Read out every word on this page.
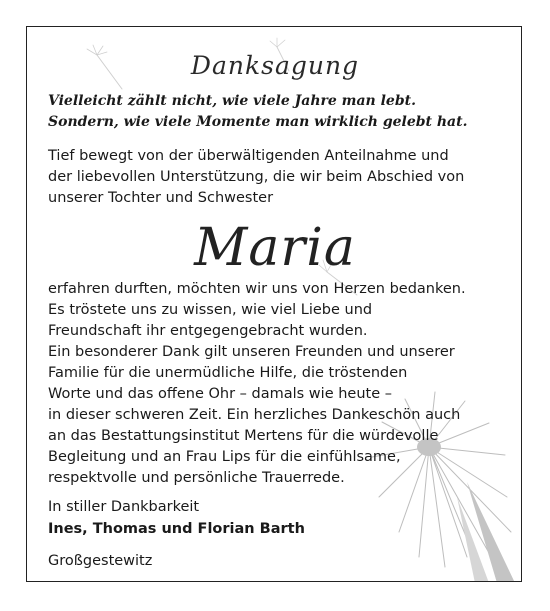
Danksagung
Vielleicht zählt nicht, wie viele Jahre man lebt.
Sondern, wie viele Momente man wirklich gelebt hat.
Tief bewegt von der überwältigenden Anteilnahme und
der liebevollen Unterstützung, die wir beim Abschied von
unserer Tochter und Schwester
Maria
erfahren durften, möchten wir uns von Herzen bedanken.
Es tröstete uns zu wissen, wie viel Liebe und
Freundschaft ihr entgegengebracht wurden.
Ein besonderer Dank gilt unseren Freunden und unserer
Familie für die unermüdliche Hilfe, die tröstenden
Worte und das offene Ohr – damals wie heute –
in dieser schweren Zeit. Ein herzliches Dankeschön auch
an das Bestattungsinstitut Mertens für die würdevolle
Begleitung und an Frau Lips für die einfühlsame,
respektvolle und persönliche Trauerrede.
In stiller Dankbarkeit
Ines, Thomas und Florian Barth
Großgestewitz
